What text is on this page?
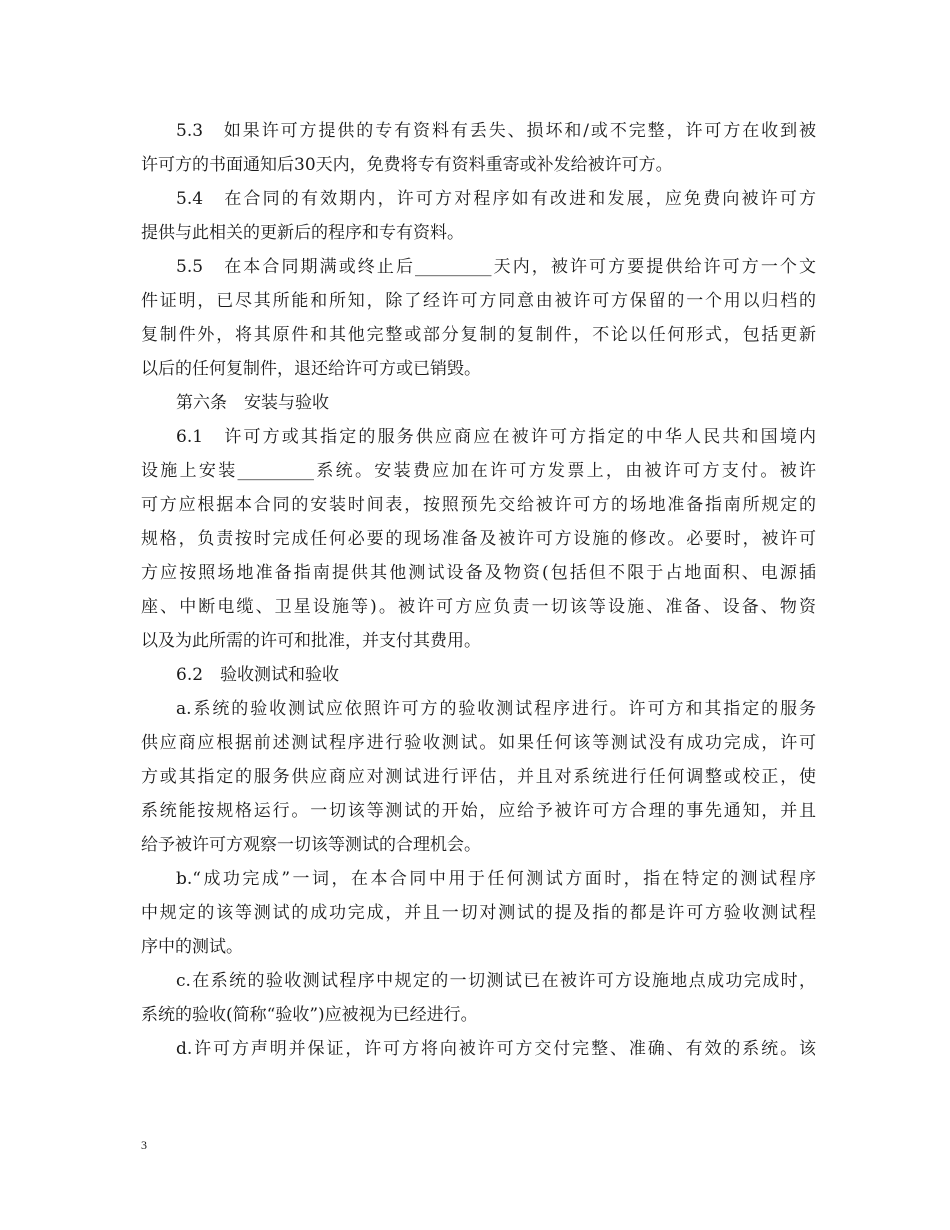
5.3　如果许可方提供的专有资料有丢失、损坏和/或不完整，许可方在收到被
许可方的书面通知后30天内，免费将专有资料重寄或补发给被许可方。
5.4　在合同的有效期内，许可方对程序如有改进和发展，应免费向被许可方
提供与此相关的更新后的程序和专有资料。
5.5　在本合同期满或终止后_________天内，被许可方要提供给许可方一个文
件证明，已尽其所能和所知，除了经许可方同意由被许可方保留的一个用以归档的
复制件外，将其原件和其他完整或部分复制的复制件，不论以任何形式，包括更新
以后的任何复制件，退还给许可方或已销毁。
第六条　安装与验收
6.1　许可方或其指定的服务供应商应在被许可方指定的中华人民共和国境内
设施上安装_________系统。安装费应加在许可方发票上，由被许可方支付。被许
可方应根据本合同的安装时间表，按照预先交给被许可方的场地准备指南所规定的
规格，负责按时完成任何必要的现场准备及被许可方设施的修改。必要时，被许可
方应按照场地准备指南提供其他测试设备及物资(包括但不限于占地面积、电源插
座、中断电缆、卫星设施等)。被许可方应负责一切该等设施、准备、设备、物资
以及为此所需的许可和批准，并支付其费用。
6.2　验收测试和验收
a.系统的验收测试应依照许可方的验收测试程序进行。许可方和其指定的服务
供应商应根据前述测试程序进行验收测试。如果任何该等测试没有成功完成，许可
方或其指定的服务供应商应对测试进行评估，并且对系统进行任何调整或校正，使
系统能按规格运行。一切该等测试的开始，应给予被许可方合理的事先通知，并且
给予被许可方观察一切该等测试的合理机会。
b.“成功完成”一词，在本合同中用于任何测试方面时，指在特定的测试程序
中规定的该等测试的成功完成，并且一切对测试的提及指的都是许可方验收测试程
序中的测试。
c.在系统的验收测试程序中规定的一切测试已在被许可方设施地点成功完成时，
系统的验收(简称“验收”)应被视为已经进行。
d.许可方声明并保证，许可方将向被许可方交付完整、准确、有效的系统。该
3
